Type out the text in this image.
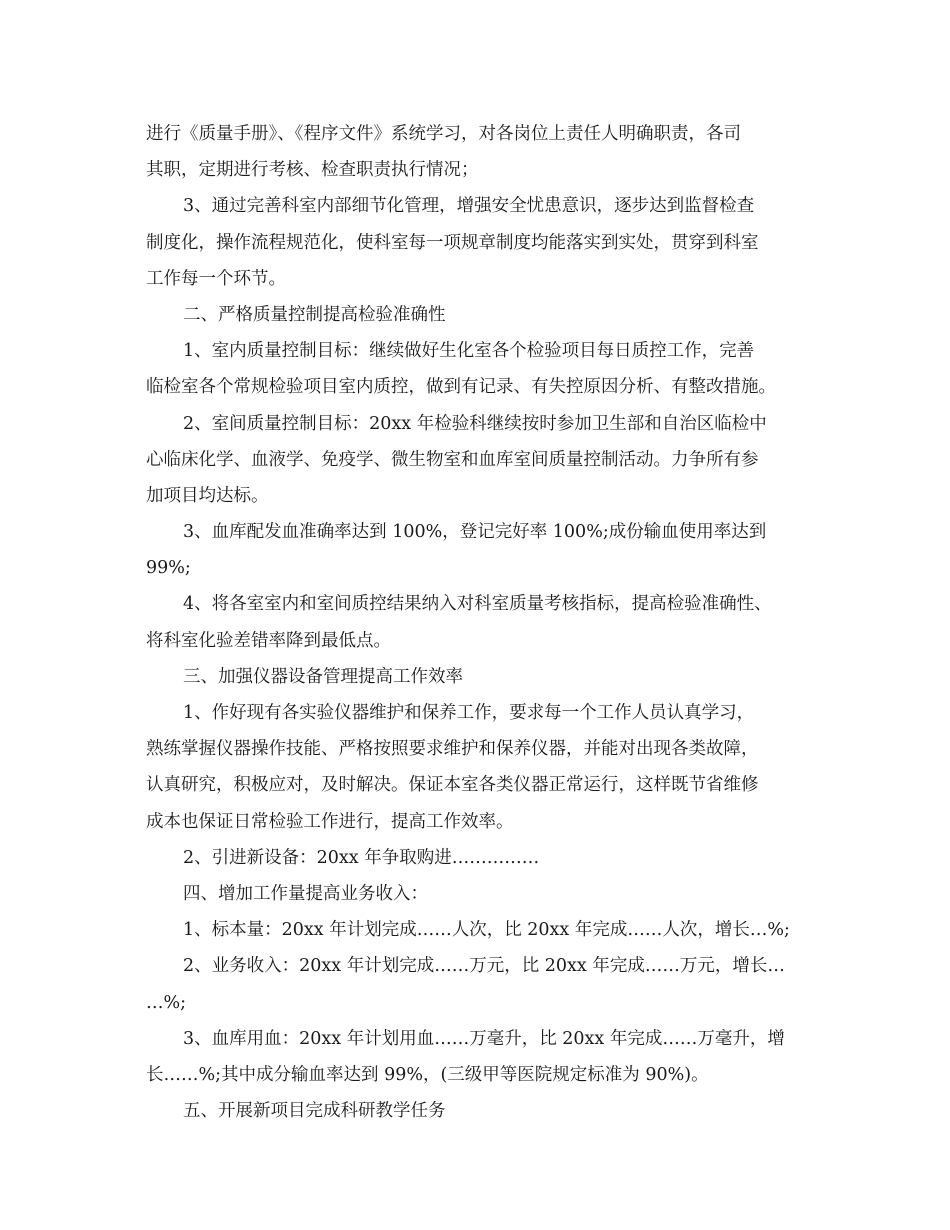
进行《质量手册》、《程序文件》系统学习，对各岗位上责任人明确职责，各司
其职，定期进行考核、检查职责执行情况；
3、通过完善科室内部细节化管理，增强安全忧患意识，逐步达到监督检查
制度化，操作流程规范化，使科室每一项规章制度均能落实到实处，贯穿到科室
工作每一个环节。
二、严格质量控制提高检验准确性
1、室内质量控制目标：继续做好生化室各个检验项目每日质控工作，完善
临检室各个常规检验项目室内质控，做到有记录、有失控原因分析、有整改措施。
2、室间质量控制目标：20xx 年检验科继续按时参加卫生部和自治区临检中
心临床化学、血液学、免疫学、微生物室和血库室间质量控制活动。力争所有参
加项目均达标。
3、血库配发血准确率达到 100%，登记完好率 100%;成份输血使用率达到
99%;
4、将各室室内和室间质控结果纳入对科室质量考核指标，提高检验准确性、
将科室化验差错率降到最低点。
三、加强仪器设备管理提高工作效率
1、作好现有各实验仪器维护和保养工作，要求每一个工作人员认真学习，
熟练掌握仪器操作技能、严格按照要求维护和保养仪器，并能对出现各类故障，
认真研究，积极应对，及时解决。保证本室各类仪器正常运行，这样既节省维修
成本也保证日常检验工作进行，提高工作效率。
2、引进新设备：20xx 年争取购进……………
四、增加工作量提高业务收入：
1、标本量：20xx 年计划完成……人次，比 20xx 年完成……人次，增长…%;
2、业务收入：20xx 年计划完成……万元，比 20xx 年完成……万元，增长…
…%;
3、血库用血：20xx 年计划用血……万毫升，比 20xx 年完成……万毫升，增
长……%;其中成分输血率达到 99%，(三级甲等医院规定标准为 90%)。
五、开展新项目完成科研教学任务
